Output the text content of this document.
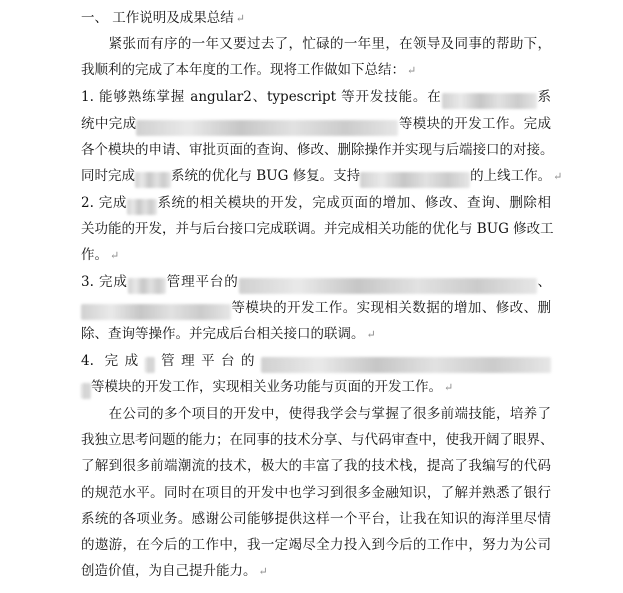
一、 工作说明及成果总结 ↵
　　紧张而有序的一年又要过去了，忙碌的一年里，在领导及同事的帮助下，
我顺利的完成了本年度的工作。现将工作做如下总结： ↵
1. 能够熟练掌握 angular2、typescript 等开发技能。在	系
统中完成	等模块的开发工作。完成
各个模块的申请、审批页面的查询、修改、删除操作并实现与后端接口的对接。
同时完成	系统的优化与 BUG 修复。支持	的上线工作。 ↵
2. 完成 系统的相关模块的开发，完成页面的增加、修改、查询、删除相
关功能的开发，并与后台接口完成联调。并完成相关功能的优化与 BUG 修改工
作。 ↵
3. 完成	管理平台的	、
等模块的开发工作。实现相关数据的增加、修改、删
除、查询等操作。并完成后台相关接口的联调。 ↵
4. 完成 管理平台的
等模块的开发工作，实现相关业务功能与页面的开发工作。 ↵
　　在公司的多个项目的开发中，使得我学会与掌握了很多前端技能，培养了
我独立思考问题的能力；在同事的技术分享、与代码审查中，使我开阔了眼界、
了解到很多前端潮流的技术，极大的丰富了我的技术栈，提高了我编写的代码
的规范水平。同时在项目的开发中也学习到很多金融知识，了解并熟悉了银行
系统的各项业务。感谢公司能够提供这样一个平台，让我在知识的海洋里尽情
的遨游，在今后的工作中，我一定竭尽全力投入到今后的工作中，努力为公司
创造价值，为自己提升能力。 ↵
